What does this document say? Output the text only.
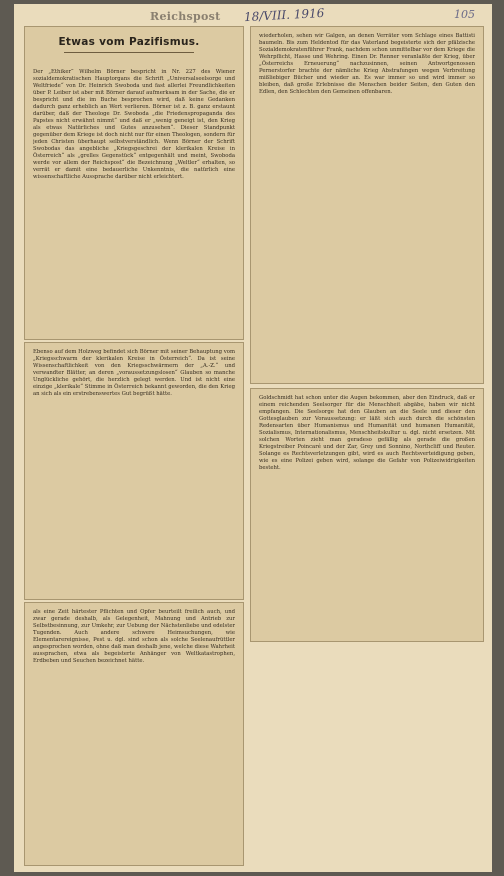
Reichspost 18/VIII. 1916	105
Der „Ethiker“ Wilhelm Börner bespricht in Nr. 227 des Wiener sozialdemokratischen Hauptorgans die Schrift „Universalseelsorge und Weltfriede“ von Dr. Heinrich Swoboda und fast allerlei Freundlichkeiten über P. Leiber ist aber mit Börner darauf aufmerksam in der Sache, die er bespricht und die im Buche besprochen wird, daß keine Gedanken dadurch ganz erheblich an Wert verlieren. Börner ist z. B. ganz erstaunt darüber, daß der Theologe Dr. Swoboda „die Friedenspropaganda des Papstes nicht erwähnt nimmt“ und daß er „wenig geneigt ist, den Krieg als etwas Natürliches und Gutes anzusehen“. Dieser Standpunkt gegenüber dem Kriege ist doch nicht nur für einen Theologen, sondern für jeden Christen überhaupt selbstverständlich. Wenn Börner der Schrift Swobodas das angebliche „Kriegsgeschrei der klerikalen Kreise in Österreich“ als „grelles Gegenstück“ entgegenhält und meint, Swoboda werde vor allem der Reichspost“ die Bezeichnung „Weltler“ erhalten, so verrät er damit eine bedauerliche Unkenntnis, die natürlich eine wissenschaftliche Aussprache darüber nicht erleichtert.
Etwas vom Pazifismus.
Ebenso auf dem Holzweg befindet sich Börner mit seiner Behauptung vom „Kriegsschwarm der klerikalen Kreise in Österreich“. Da ist seine Wissenschaftlichkeit von den Kriegsschwärmern der „A.-Z.“ und verwandter Blätter, an deren „voraussetzungslosen“ Glauben so manche Unglückliche gehört, die herzlich gelegt werden. Und ist nicht eine einzige „klerikale“ Stimme in Österreich bekannt geworden, die den Krieg an sich als ein erstrebenswertes Gut begrüßt hätte.
als eine Zeit härtester Pflichten und Opfer beurteilt freilich auch, und zwar gerade deshalb, als Gelegenheit, Mahnung und Antrieb zur Selbstbesinnung, zur Umkehr, zur Uebung der Nächstenliebe und edelster Tugenden. Auch andere schwere Heimsuchungen, wie Elementarereignisse, Pest u. dgl. sind schon als solche Seelenaufrüttler angesprochen worden, ohne daß man deshalb jene, welche diese Wahrheit aussprachen, etwa als begeisterte Anhänger von Weltkatastrophen, Erdbeben und Seuchen bezeichnet hätte.
wiederholen, sehen wir Galgen, an denen Verräter vom Schlage eines Battisti baumeln. Bis zum Heldentod für das Vaterland begeisterte sich der pfälzische Sozialdemokratenführer Frank, nachdem schon unmittelbar vor dem Kriege die Wehrpflicht, Hasse und Wehring. Einen Dr. Renner veranlaßte der Krieg, über „Österreichs Erneuerung“ nachzusinnen, seinen Antwortgenossen Pernerstorfer brachte der nämliche Krieg Abstrafungen wegen Verbreitung mißliebiger Bücher und wieder an. Es war immer so und wird immer so bleiben, daß große Erlebnisse die Menschen beider Seiten, den Guten den Edlen, den Schlechten den Gemeinen offenbaren.
Goldschmidt hat schon unter die Augen bekommen, aber den Eindruck, daß er einem reichenden Seelsorger für die Menschheit abgäbe, haben wir nicht empfangen. Die Seelsorge hat den Glauben an die Seele und dieser den Gottesglauben zur Voraussetzung: er läßt sich auch durch die schönsten Redensarten über Humanismus und Humanität und humanen Humanität, Sozialismus, Internationalismus, Menschheitskultur u. dgl. nicht ersetzen. Mit solchen Worten zieht man geradeso gefällig als gerade die großen Kriegstreiber Poincaré und der Zar, Grey und Sonnino, Northcliff und Reuter. Solange es Rechtsverletzungen gibt, wird es auch Rechtsverteidigung geben, wie es eine Polizei geben wird, solange die Gefahr von Polizeiwidrigkeiten besteht.
